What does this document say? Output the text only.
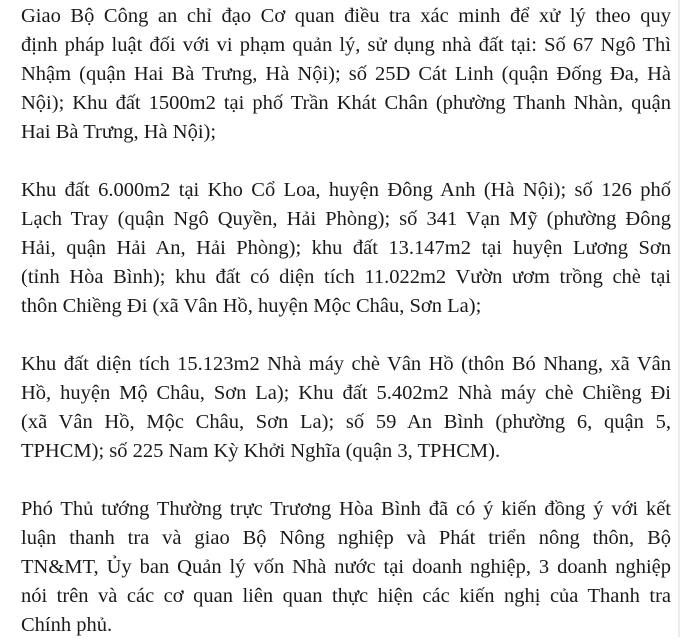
Giao Bộ Công an chỉ đạo Cơ quan điều tra xác minh để xử lý theo quy
định pháp luật đối với vi phạm quản lý, sử dụng nhà đất tại: Số 67 Ngô Thì
Nhậm (quận Hai Bà Trưng, Hà Nội); số 25D Cát Linh (quận Đống Đa, Hà
Nội); Khu đất 1500m2 tại phố Trần Khát Chân (phường Thanh Nhàn, quận
Hai Bà Trưng, Hà Nội);

Khu đất 6.000m2 tại Kho Cổ Loa, huyện Đông Anh (Hà Nội); số 126 phố
Lạch Tray (quận Ngô Quyền, Hải Phòng); số 341 Vạn Mỹ (phường Đông
Hải, quận Hải An, Hải Phòng); khu đất 13.147m2 tại huyện Lương Sơn
(tỉnh Hòa Bình); khu đất có diện tích 11.022m2 Vườn ươm trồng chè tại
thôn Chiềng Đi (xã Vân Hồ, huyện Mộc Châu, Sơn La);

Khu đất diện tích 15.123m2 Nhà máy chè Vân Hồ (thôn Bó Nhang, xã Vân
Hồ, huyện Mộ Châu, Sơn La); Khu đất 5.402m2 Nhà máy chè Chiềng Đi
(xã Vân Hồ, Mộc Châu, Sơn La); số 59 An Bình (phường 6, quận 5,
TPHCM); số 225 Nam Kỳ Khởi Nghĩa (quận 3, TPHCM).

Phó Thủ tướng Thường trực Trương Hòa Bình đã có ý kiến đồng ý với kết
luận thanh tra và giao Bộ Nông nghiệp và Phát triển nông thôn, Bộ
TN&MT, Ủy ban Quản lý vốn Nhà nước tại doanh nghiệp, 3 doanh nghiệp
nói trên và các cơ quan liên quan thực hiện các kiến nghị của Thanh tra
Chính phủ.
